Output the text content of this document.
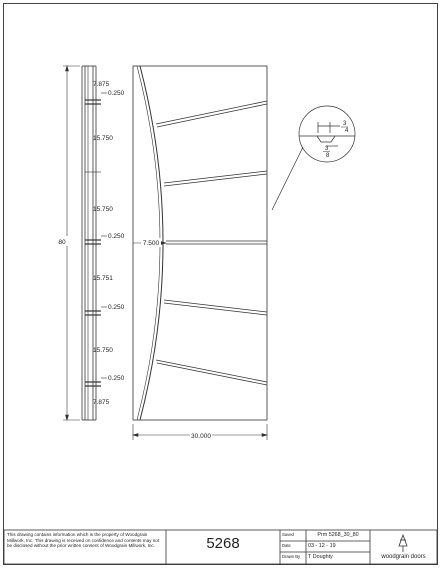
80
7.875
0.250
15.750
15.750
0.250
15.751
0.250
15.750
0.250
7.875
7.500
30.000
3
4
3
8
This drawing contains information which is the property of Woodgrain Millwork, Inc. This drawing is received on confidence and contents may not be disclosed without the prior written consent of Woodgrain Millwork, Inc.	5268
Saved	Prm 5268_30_80
Date	03 - 12 - 19
Drawn By T Doughty	woodgrain doors
